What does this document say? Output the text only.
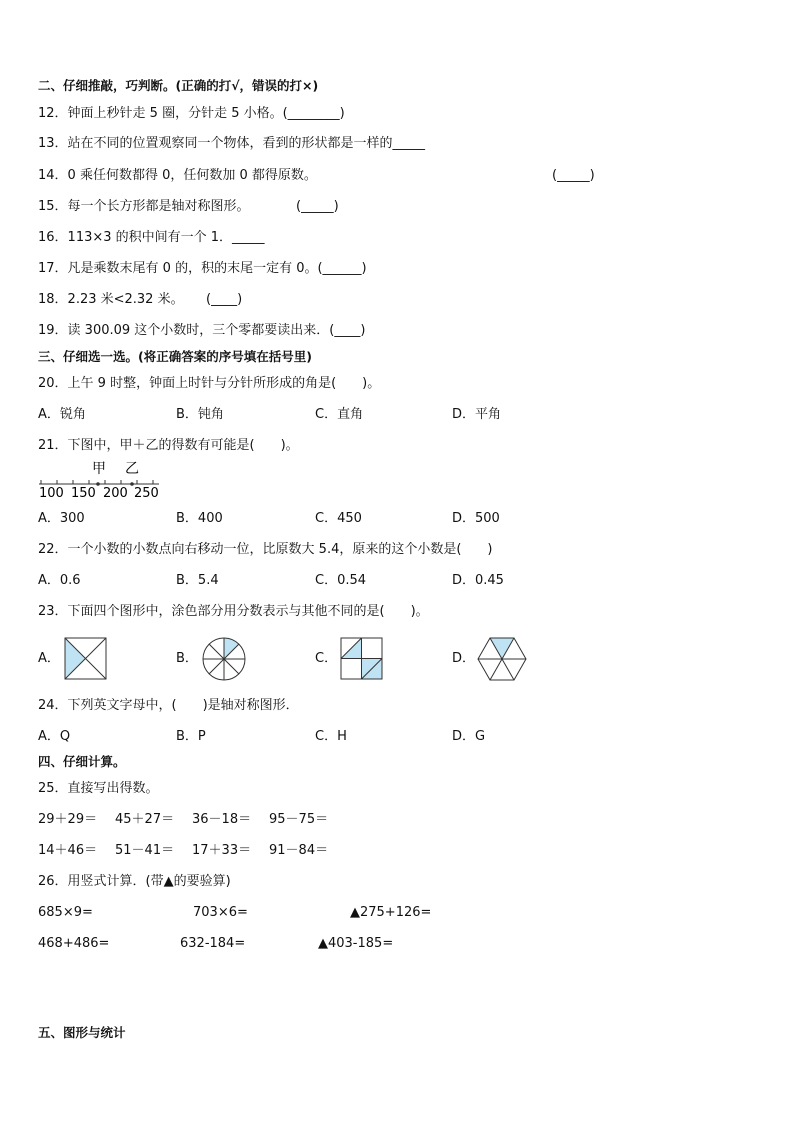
二、仔细推敲，巧判断。(正确的打√，错误的打×)
12．钟面上秒针走 5 圈，分针走 5 小格。(________)
13．站在不同的位置观察同一个物体，看到的形状都是一样的_____
14．0 乘任何数都得 0，任何数加 0 都得原数。	(_____)
15．每一个长方形都是轴对称图形。	(_____)
16．113×3 的积中间有一个 1．_____
17．凡是乘数末尾有 0 的，积的末尾一定有 0。(______)
18．2.23 米<2.32 米。 (____)
19．读 300.09 这个小数时，三个零都要读出来．(____)
三、仔细选一选。(将正确答案的序号填在括号里)
20．上午 9 时整，钟面上时针与分针所形成的角是(　　)。
A．锐角	B．钝角	C．直角	D．平角
21．下图中，甲＋乙的得数有可能是(　　)。
甲 乙
100 150 200 250
A．300	B．400	C．450	D．500
22．一个小数的小数点向右移动一位，比原数大 5.4，原来的这个小数是(　　)
A．0.6	B．5.4	C．0.54	D．0.45
23．下面四个图形中，涂色部分用分数表示与其他不同的是(　　)。
A．	B．	C．	D．
24．下列英文字母中，(　　)是轴对称图形．
A．Q	B．P	C．H	D．G
四、仔细计算。
25．直接写出得数。
29＋29＝ 45＋27＝ 36－18＝ 95－75＝
14＋46＝ 51－41＝ 17＋33＝ 91－84＝
26．用竖式计算．(带▲的要验算)
685×9=	703×6=	▲275+126=
468+486=	632-184=	▲403-185=
五、图形与统计
